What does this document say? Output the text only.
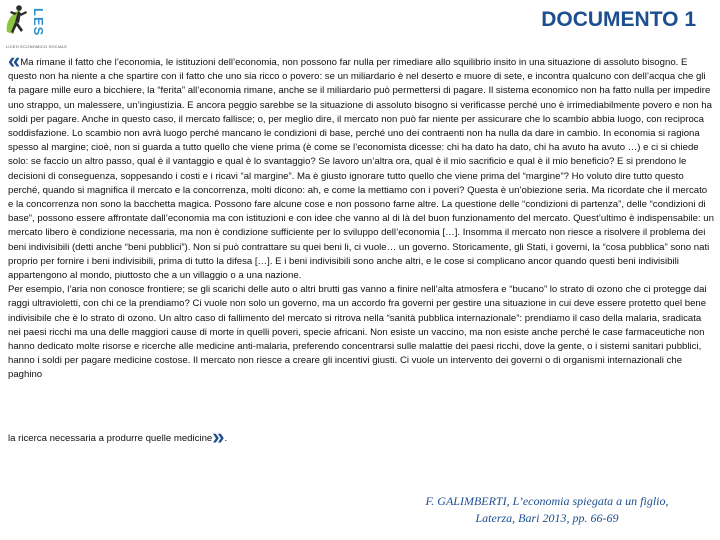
LES
LICEO ECONOMICO SOCIALE
DOCUMENTO 1

«Ma rimane il fatto che l’economia, le istituzioni dell’economia, non possono far nulla per rimediare allo squilibrio insito in una situazione di assoluto bisogno. E questo non ha niente a che spartire con il fatto che uno sia ricco o povero: se un miliardario è nel deserto e muore di sete, e incontra qualcuno con dell’acqua che gli fa pagare mille euro a bicchiere, la “ferita” all’economia rimane, anche se il miliardario può permettersi di pagare. Il sistema economico non ha fatto nulla per impedire uno strappo, un malessere, un’ingiustizia. E ancora peggio sarebbe se la situazione di assoluto bisogno si verificasse perché uno è irrimediabilmente povero e non ha soldi per pagare. Anche in questo caso, il mercato fallisce; o, per meglio dire, il mercato non può far niente per assicurare che lo scambio abbia luogo, con reciproca soddisfazione. Lo scambio non avrà luogo perché mancano le condizioni di base, perché uno dei contraenti non ha nulla da dare in cambio. In economia si ragiona spesso al margine; cioè, non si guarda a tutto quello che viene prima (è come se l’economista dicesse: chi ha dato ha dato, chi ha avuto ha avuto …) e ci si chiede solo: se faccio un altro passo, qual è il vantaggio e qual è lo svantaggio? Se lavoro un’altra ora, qual è il mio sacrificio e qual è il mio beneficio? E si prendono le decisioni di conseguenza, soppesando i costi e i ricavi “al margine”. Ma è giusto ignorare tutto quello che viene prima del “margine”? Ho voluto dire tutto questo perché, quando si magnifica il mercato e la concorrenza, molti dicono: ah, e come la mettiamo con i poveri? Questa è un’obiezione seria. Ma ricordate che il mercato e la concorrenza non sono la bacchetta magica. Possono fare alcune cose e non possono farne altre. La questione delle “condizioni di partenza”, delle “condizioni di base”, possono essere affrontate dall’economia ma con istituzioni e con idee che vanno al di là del buon funzionamento del mercato. Quest’ultimo è indispensabile: un mercato libero è condizione necessaria, ma non è condizione sufficiente per lo sviluppo dell’economia […]. Insomma il mercato non riesce a risolvere il problema dei beni indivisibili (detti anche “beni pubblici”). Non si può contrattare su quei beni li, ci vuole… un governo. Storicamente, gli Stati, i governi, la “cosa pubblica” sono nati proprio per fornire i beni indivisibili, prima di tutto la difesa […]. E i beni indivisibili sono anche altri, e le cose si complicano ancor quando questi beni indivisibili appartengono al mondo, piuttosto che a un villaggio o a una nazione.

Per esempio, l’aria non conosce frontiere; se gli scarichi delle auto o altri brutti gas vanno a finire nell’alta atmosfera e “bucano” lo strato di ozono che ci protegge dai raggi ultravioletti, con chi ce la prendiamo? Ci vuole non solo un governo, ma un accordo fra governi per gestire una situazione in cui deve essere protetto quel bene indivisibile che è lo strato di ozono. Un altro caso di fallimento del mercato si ritrova nella “sanità pubblica internazionale”: prendiamo il caso della malaria, sradicata nei paesi ricchi ma una delle maggiori cause di morte in quelli poveri, specie africani. Non esiste un vaccino, ma non esiste anche perché le case farmaceutiche non hanno dedicato molte risorse e ricerche alle medicine anti-malaria, preferendo concentrarsi sulle malattie dei paesi ricchi, dove la gente, o i sistemi sanitari pubblici, hanno i soldi per pagare medicine costose. Il mercato non riesce a creare gli incentivi giusti. Ci vuole un intervento dei governi o di organismi internazionali che paghino

la ricerca necessaria a produrre quelle medicine».
F. GALIMBERTI, L’economia spiegata a un figlio,
Laterza, Bari 2013, pp. 66-69
